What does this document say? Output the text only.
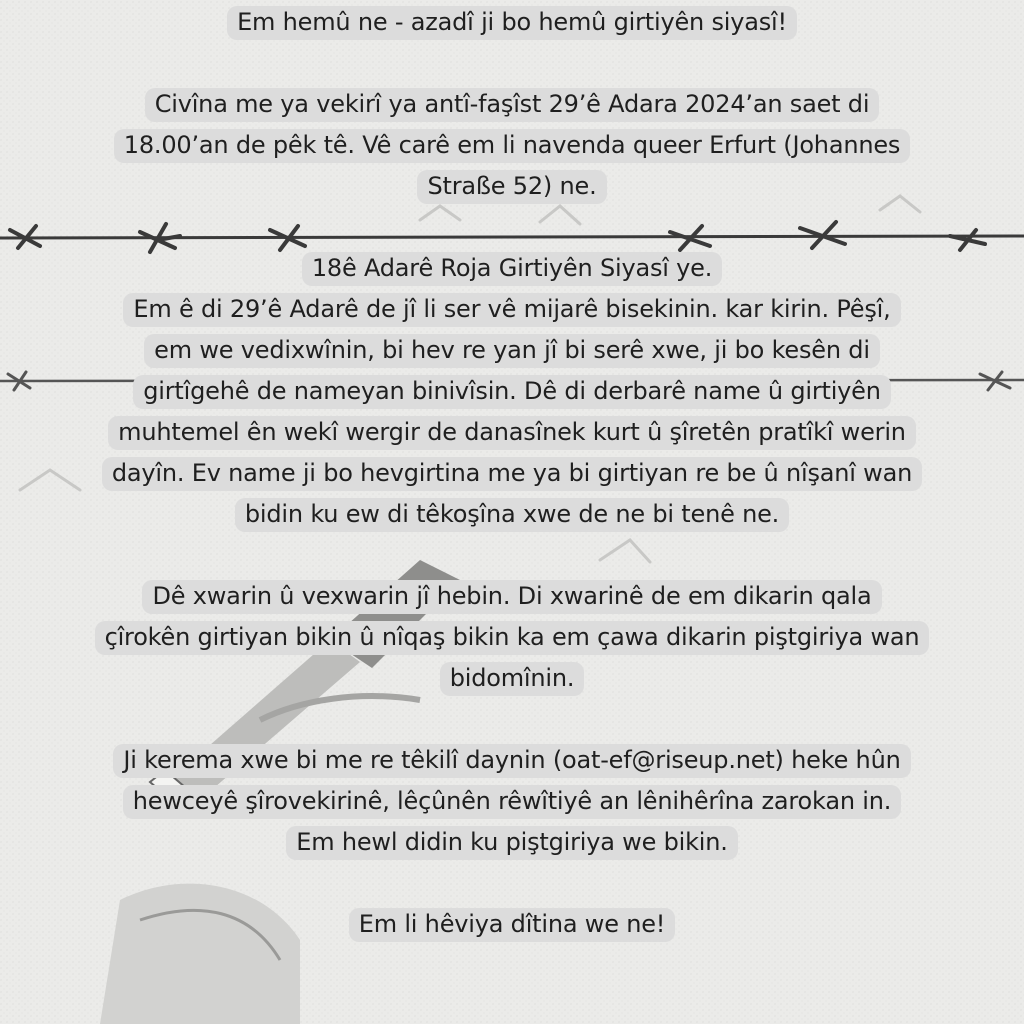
Em hemû ne - azadî ji bo hemû girtiyên siyasî!
Civîna me ya vekirî ya antî-faşîst 29’ê Adara 2024’an saet di
18.00’an de pêk tê. Vê carê em li navenda queer Erfurt (Johannes
Straße 52) ne.
18ê Adarê Roja Girtiyên Siyasî ye.
Em ê di 29’ê Adarê de jî li ser vê mijarê bisekinin. kar kirin. Pêşî,
em we vedixwînin, bi hev re yan jî bi serê xwe, ji bo kesên di
girtîgehê de nameyan binivîsin. Dê di derbarê name û girtiyên
muhtemel ên wekî wergir de danasînek kurt û şîretên pratîkî werin
dayîn. Ev name ji bo hevgirtina me ya bi girtiyan re be û nîşanî wan
bidin ku ew di têkoşîna xwe de ne bi tenê ne.
Dê xwarin û vexwarin jî hebin. Di xwarinê de em dikarin qala
çîrokên girtiyan bikin û nîqaş bikin ka em çawa dikarin piştgiriya wan
bidomînin.
Ji kerema xwe bi me re têkilî daynin (oat-ef@riseup.net) heke hûn
hewceyê şîrovekirinê, lêçûnên rêwîtiyê an lênihêrîna zarokan in.
Em hewl didin ku piştgiriya we bikin.
Em li hêviya dîtina we ne!
